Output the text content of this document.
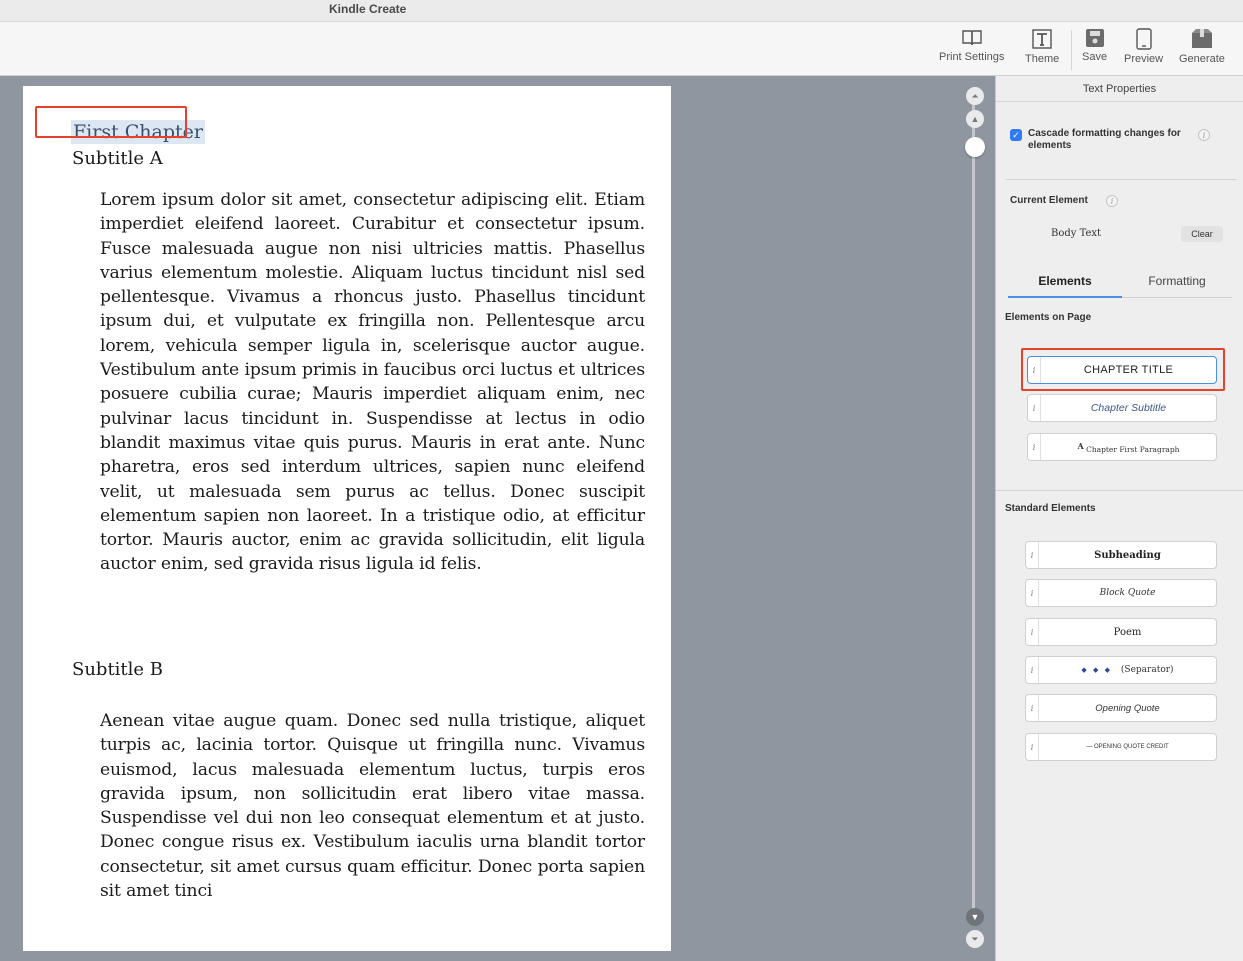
Kindle Create
Print Settings Theme Save Preview Generate
First Chapter
Subtitle A
Lorem ipsum dolor sit amet, consectetur adipiscing elit. Etiam imperdiet eleifend laoreet. Curabitur et consectetur ipsum. Fusce malesuada augue non nisi ultricies mattis. Phasellus varius elementum molestie. Aliquam luctus tincidunt nisl sed pellentesque. Vivamus a rhoncus justo. Phasellus tincidunt ipsum dui, et vulputate ex fringilla non. Pellentesque arcu lorem, vehicula semper ligula in, scelerisque auctor augue. Vestibulum ante ipsum primis in faucibus orci luctus et ultrices posuere cubilia curae; Mauris imperdiet aliquam enim, nec pulvinar lacus tincidunt in. Suspendisse at lectus in odio blandit maximus vitae quis purus. Mauris in erat ante. Nunc pharetra, eros sed interdum ultrices, sapien nunc eleifend velit, ut malesuada sem purus ac tellus. Donec suscipit elementum sapien non laoreet. In a tristique odio, at efficitur tortor. Mauris auctor, enim ac gravida sollicitudin, elit ligula auctor enim, sed gravida risus ligula id felis.
Subtitle B
Aenean vitae augue quam. Donec sed nulla tristique, aliquet turpis ac, lacinia tortor. Quisque ut fringilla nunc. Vivamus euismod, lacus malesuada elementum luctus, turpis eros gravida ipsum, non sollicitudin erat libero vitae massa. Suspendisse vel dui non leo consequat elementum et at justo. Donec congue risus ex. Vestibulum iaculis urna blandit tortor consectetur, sit amet cursus quam efficitur. Donec porta sapien sit amet tinci
⏶
▲
▼
⏷
Text Properties
✓ Cascade formatting changes for elements
i
Current Element	i
Body Text	Clear
Elements	Formatting
Elements on Page
i	CHAPTER TITLE
i	Chapter Subtitle
i	A Chapter First Paragraph
Standard Elements
i	Subheading
i	Block Quote
i	Poem
i	◆ ◆ ◆ (Separator)
i	Opening Quote
i	— OPENING QUOTE CREDIT
